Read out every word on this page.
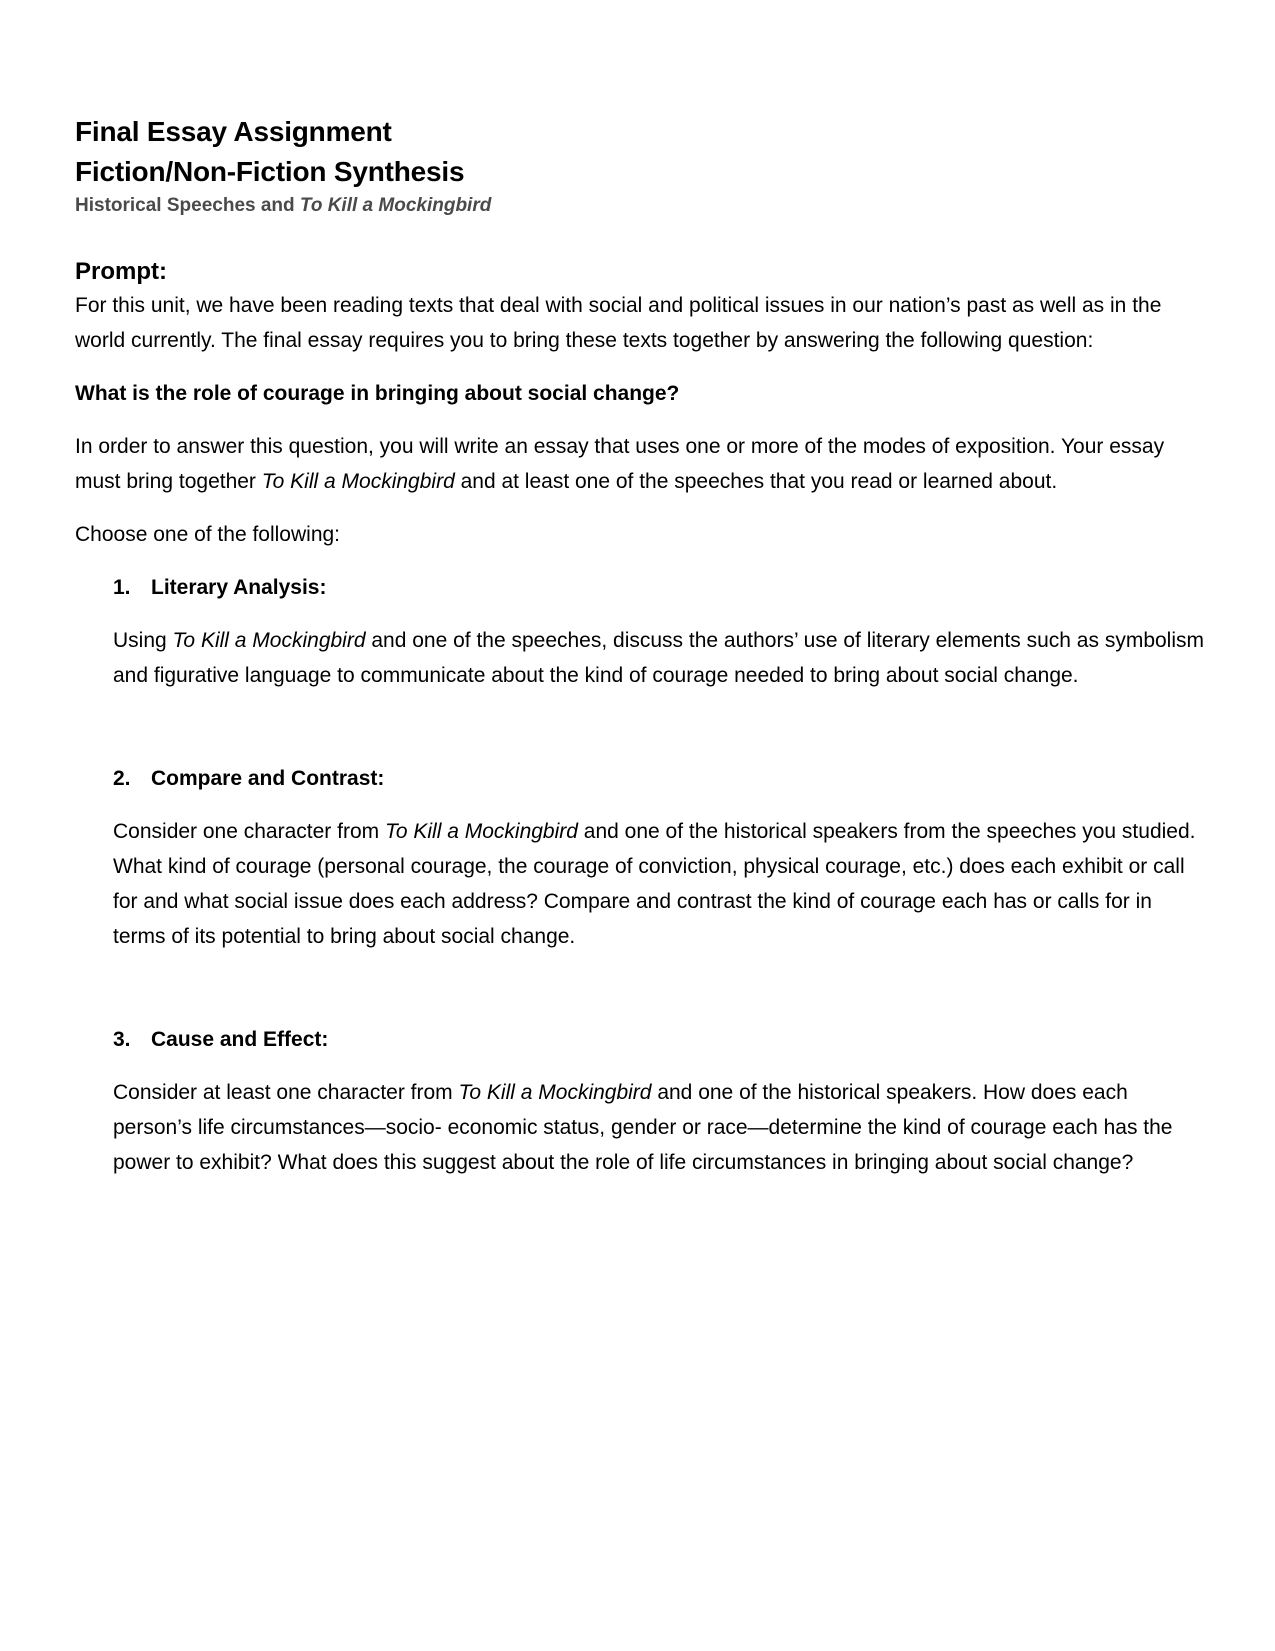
Final Essay Assignment
Fiction/Non-Fiction Synthesis
Historical Speeches and To Kill a Mockingbird
Prompt:

For this unit, we have been reading texts that deal with social and political issues in our nation’s past as well as in the world currently. The final essay requires you to bring these texts together by answering the following question:

What is the role of courage in bringing about social change?

In order to answer this question, you will write an essay that uses one or more of the modes of exposition. Your essay must bring together To Kill a Mockingbird and at least one of the speeches that you read or learned about.

Choose one of the following:

1. Literary Analysis:

Using To Kill a Mockingbird and one of the speeches, discuss the authors’ use of literary elements such as symbolism and figurative language to communicate about the kind of courage needed to bring about social change.

2. Compare and Contrast:

Consider one character from To Kill a Mockingbird and one of the historical speakers from the speeches you studied. What kind of courage (personal courage, the courage of conviction, physical courage, etc.) does each exhibit or call for and what social issue does each address? Compare and contrast the kind of courage each has or calls for in terms of its potential to bring about social change.

3. Cause and Effect:

Consider at least one character from To Kill a Mockingbird and one of the historical speakers. How does each person’s life circumstances—socio- economic status, gender or race—determine the kind of courage each has the power to exhibit? What does this suggest about the role of life circumstances in bringing about social change?
